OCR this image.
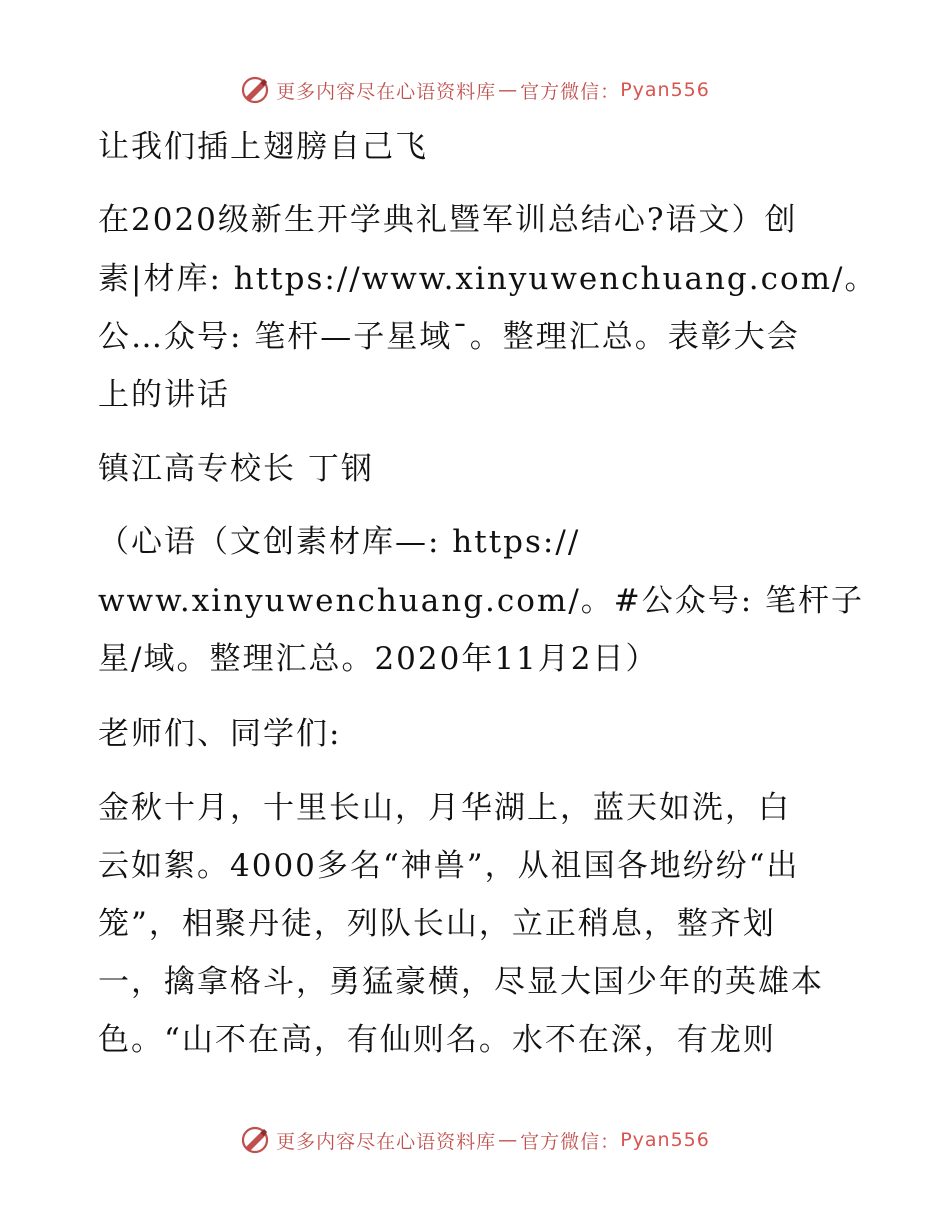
更多内容尽在心语资料库 — 官方微信： Pyan556
让我们插上翅膀自己飞
在2020级新生开学典礼暨军训总结心?语文）创
素|材库: https://www.xinyuwenchuang.com/。
公…众号: 笔杆—子星域¯。整理汇总。表彰大会
上的讲话
镇江高专校长 丁钢
（心语（文创素材库—: https://
www.xinyuwenchuang.com/。#公众号: 笔杆子
星/域。整理汇总。2020年11月2日）
老师们、同学们:
金秋十月，十里长山，月华湖上，蓝天如洗，白
云如絮。4000多名“神兽”，从祖国各地纷纷“出
笼”，相聚丹徒，列队长山，立正稍息，整齐划
一，擒拿格斗，勇猛豪横，尽显大国少年的英雄本
色。“山不在高，有仙则名。水不在深，有龙则
更多内容尽在心语资料库 — 官方微信： Pyan556
